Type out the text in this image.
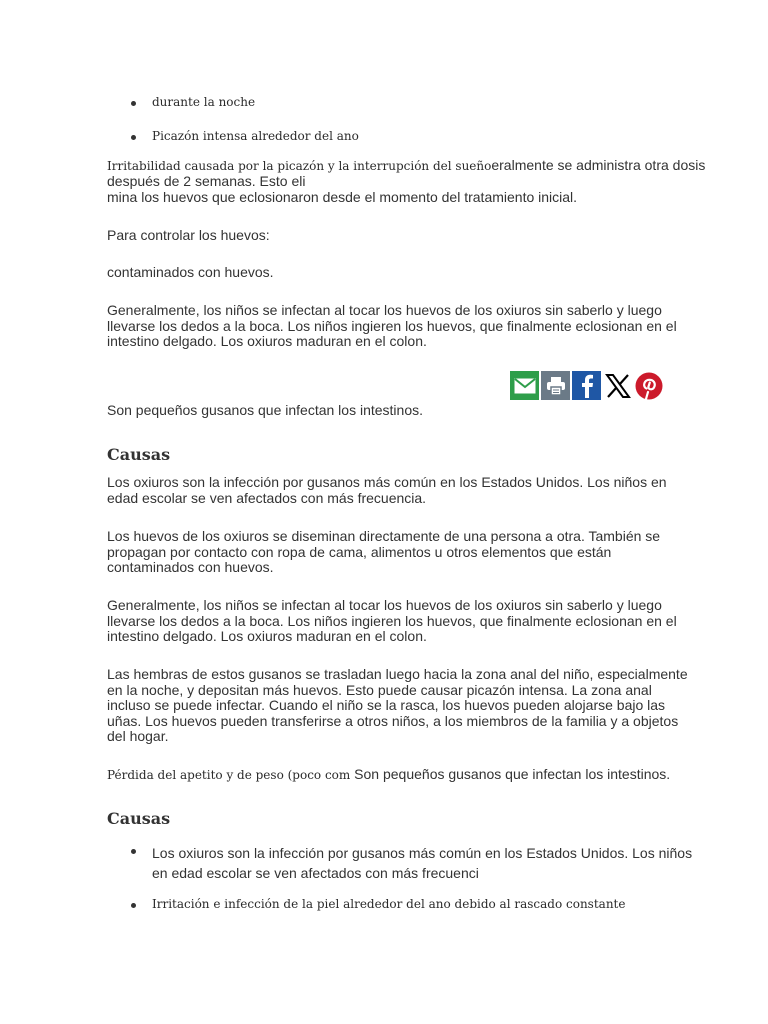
durante la noche
Picazón intensa alrededor del ano
Irritabilidad causada por la picazón y la interrupción del sueñoeralmente se administra otra dosis
después de 2 semanas. Esto eli
mina los huevos que eclosionaron desde el momento del tratamiento inicial.
Para controlar los huevos:
contaminados con huevos.
Generalmente, los niños se infectan al tocar los huevos de los oxiuros sin saberlo y luego
llevarse los dedos a la boca. Los niños ingieren los huevos, que finalmente eclosionan en el
intestino delgado. Los oxiuros maduran en el colon.
Son pequeños gusanos que infectan los intestinos.
Causas
Los oxiuros son la infección por gusanos más común en los Estados Unidos. Los niños en
edad escolar se ven afectados con más frecuencia.
Los huevos de los oxiuros se diseminan directamente de una persona a otra. También se
propagan por contacto con ropa de cama, alimentos u otros elementos que están
contaminados con huevos.
Generalmente, los niños se infectan al tocar los huevos de los oxiuros sin saberlo y luego
llevarse los dedos a la boca. Los niños ingieren los huevos, que finalmente eclosionan en el
intestino delgado. Los oxiuros maduran en el colon.
Las hembras de estos gusanos se trasladan luego hacia la zona anal del niño, especialmente
en la noche, y depositan más huevos. Esto puede causar picazón intensa. La zona anal
incluso se puede infectar. Cuando el niño se la rasca, los huevos pueden alojarse bajo las
uñas. Los huevos pueden transferirse a otros niños, a los miembros de la familia y a objetos
del hogar.
Pérdida del apetito y de peso (poco com Son pequeños gusanos que infectan los intestinos.
Causas
Los oxiuros son la infección por gusanos más común en los Estados Unidos. Los niños
en edad escolar se ven afectados con más frecuenci
Irritación e infección de la piel alrededor del ano debido al rascado constante
